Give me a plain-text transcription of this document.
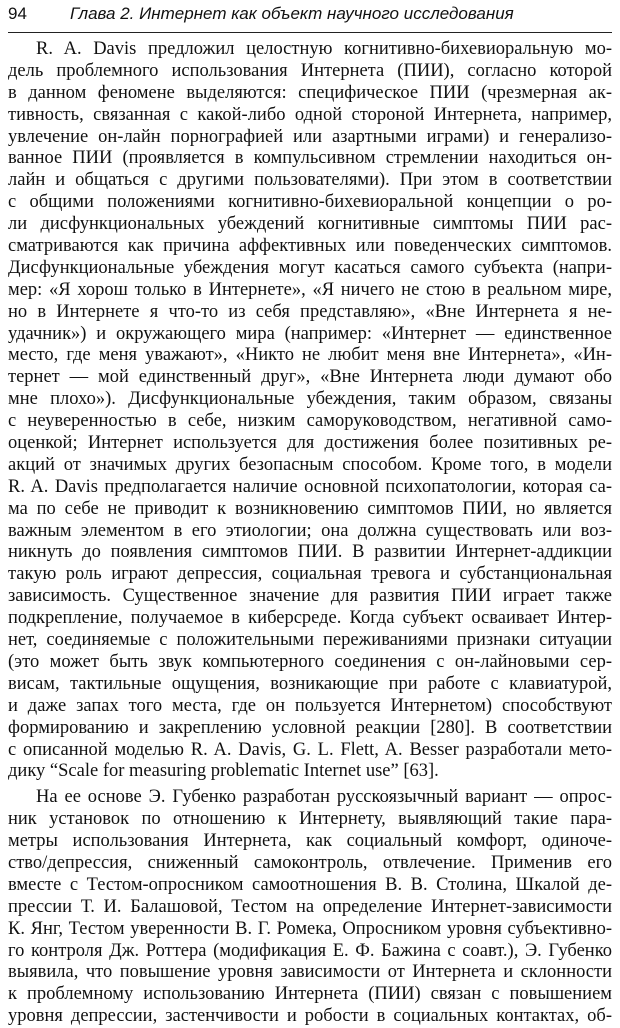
94	Глава 2. Интернет как объект научного исследования
R. A. Davis предложил целостную когнитивно-бихевиоральную мо-
дель проблемного использования Интернета (ПИИ), согласно которой
в данном феномене выделяются: специфическое ПИИ (чрезмерная ак-
тивность, связанная с какой-либо одной стороной Интернета, например,
увлечение он-лайн порнографией или азартными играми) и генерализо-
ванное ПИИ (проявляется в компульсивном стремлении находиться он-
лайн и общаться с другими пользователями). При этом в соответствии
с общими положениями когнитивно-бихевиоральной концепции о ро-
ли дисфункциональных убеждений когнитивные симптомы ПИИ рас-
сматриваются как причина аффективных или поведенческих симптомов.
Дисфункциональные убеждения могут касаться самого субъекта (напри-
мер: «Я хорош только в Интернете», «Я ничего не стою в реальном мире,
но в Интернете я что-то из себя представляю», «Вне Интернета я не-
удачник») и окружающего мира (например: «Интернет — единственное
место, где меня уважают», «Никто не любит меня вне Интернета», «Ин-
тернет — мой единственный друг», «Вне Интернета люди думают обо
мне плохо»). Дисфункциональные убеждения, таким образом, связаны
с неуверенностью в себе, низким саморуководством, негативной само-
оценкой; Интернет используется для достижения более позитивных ре-
акций от значимых других безопасным способом. Кроме того, в модели
R. A. Davis предполагается наличие основной психопатологии, которая са-
ма по себе не приводит к возникновению симптомов ПИИ, но является
важным элементом в его этиологии; она должна существовать или воз-
никнуть до появления симптомов ПИИ. В развитии Интернет-аддикции
такую роль играют депрессия, социальная тревога и субстанциональная
зависимость. Существенное значение для развития ПИИ играет также
подкрепление, получаемое в киберсреде. Когда субъект осваивает Интер-
нет, соединяемые с положительными переживаниями признаки ситуации
(это может быть звук компьютерного соединения с он-лайновыми сер-
висам, тактильные ощущения, возникающие при работе с клавиатурой,
и даже запах того места, где он пользуется Интернетом) способствуют
формированию и закреплению условной реакции [280]. В соответствии
с описанной моделью R. A. Davis, G. L. Flett, A. Besser разработали мето-
дику “Scale for measuring problematic Internet use” [63].
На ее основе Э. Губенко разработан русскоязычный вариант — опрос-
ник установок по отношению к Интернету, выявляющий такие пара-
метры использования Интернета, как социальный комфорт, одиноче-
ство/депрессия, сниженный самоконтроль, отвлечение. Применив его
вместе с Тестом-опросником самоотношения В. В. Столина, Шкалой де-
прессии Т. И. Балашовой, Тестом на определение Интернет-зависимости
К. Янг, Тестом уверенности В. Г. Ромека, Опросником уровня субъективно-
го контроля Дж. Роттера (модификация Е. Ф. Бажина с соавт.), Э. Губенко
выявила, что повышение уровня зависимости от Интернета и склонности
к проблемному использованию Интернета (ПИИ) связан с повышением
уровня депрессии, застенчивости и робости в социальных контактах, об-
